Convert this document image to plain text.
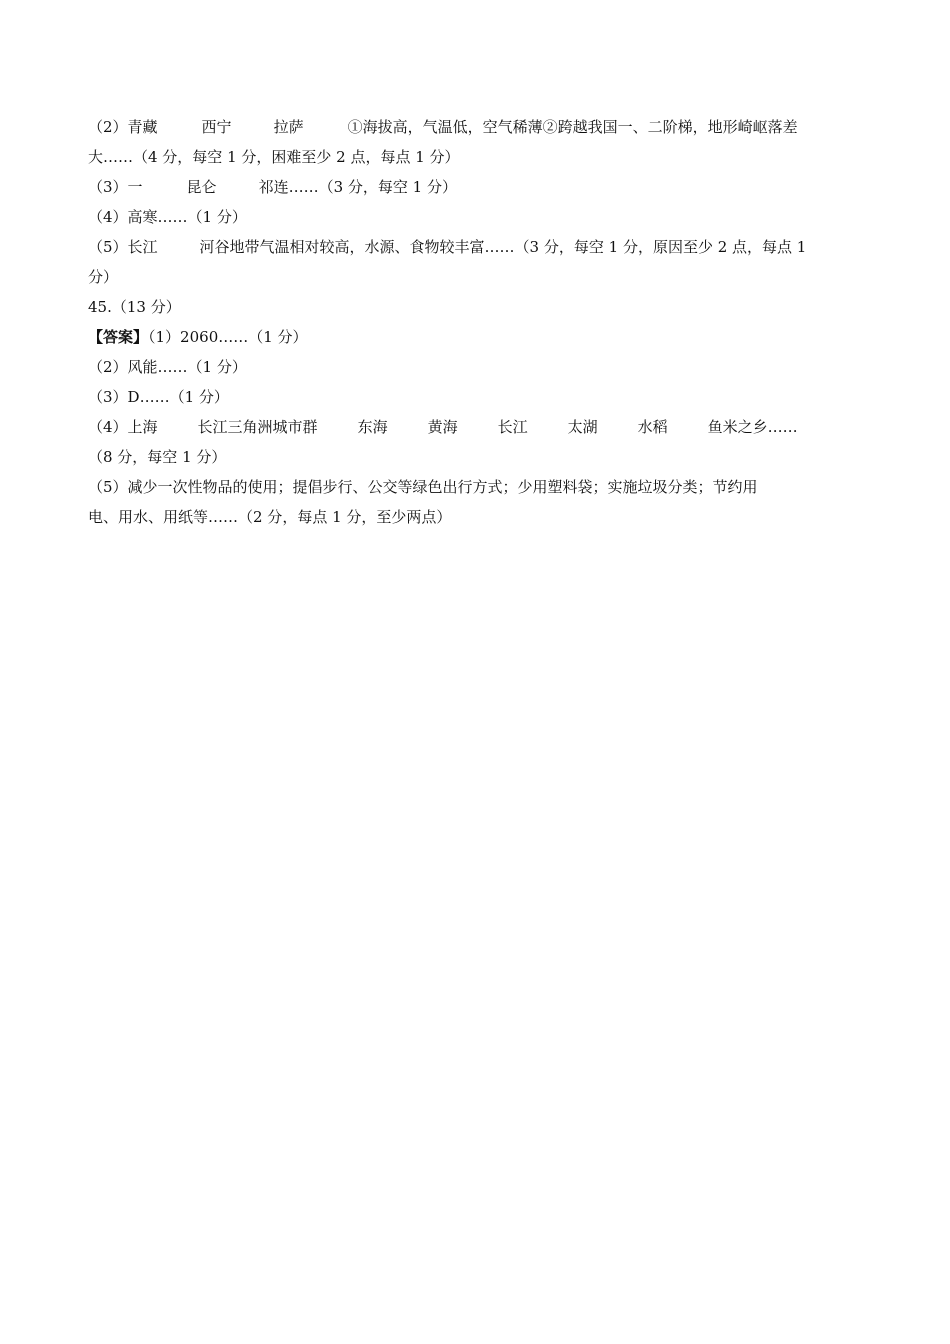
（2）青藏	西宁	拉萨	①海拔高，气温低，空气稀薄②跨越我国一、二阶梯，地形崎岖落差
大……（4 分，每空 1 分，困难至少 2 点，每点 1 分）
（3）一	昆仑	祁连……（3 分，每空 1 分）
（4）高寒……（1 分）
（5）长江	河谷地带气温相对较高，水源、食物较丰富……（3 分，每空 1 分，原因至少 2 点，每点 1
分）
45.（13 分）
【答案】（1）2060……（1 分）
（2）风能……（1 分）
（3）D……（1 分）
（4）上海	长江三角洲城市群	东海	黄海	长江	太湖	水稻	鱼米之乡……
（8 分，每空 1 分）
（5）减少一次性物品的使用；提倡步行、公交等绿色出行方式；少用塑料袋；实施垃圾分类；节约用
电、用水、用纸等……（2 分，每点 1 分，至少两点）
